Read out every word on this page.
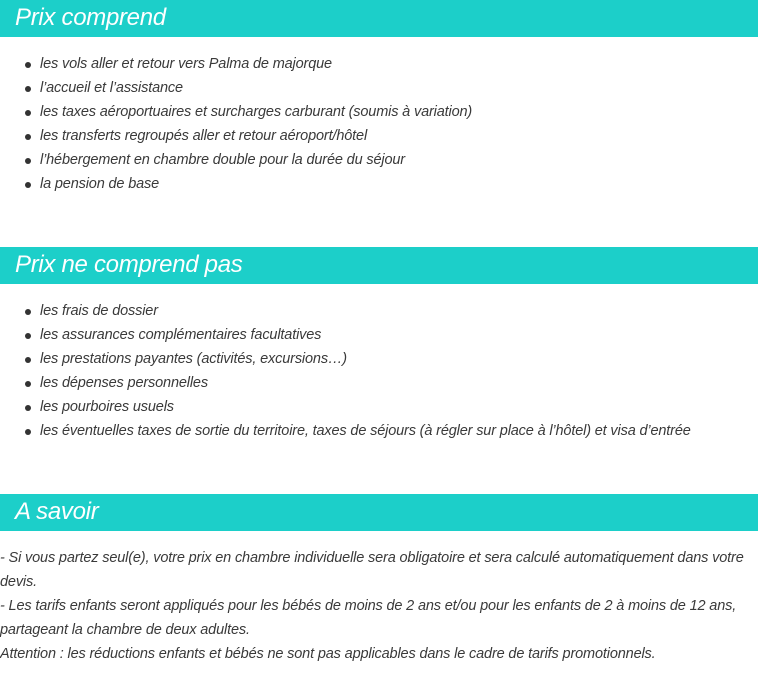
Prix comprend
les vols aller et retour vers Palma de majorque
l’accueil et l’assistance
les taxes aéroportuaires et surcharges carburant (soumis à variation)
les transferts regroupés aller et retour aéroport/hôtel
l’hébergement en chambre double pour la durée du séjour
la pension de base
Prix ne comprend pas
les frais de dossier
les assurances complémentaires facultatives
les prestations payantes (activités, excursions…)
les dépenses personnelles
les pourboires usuels
les éventuelles taxes de sortie du territoire, taxes de séjours (à régler sur place à l’hôtel) et visa d’entrée
A savoir

- Si vous partez seul(e), votre prix en chambre individuelle sera obligatoire et sera calculé automatiquement dans votre devis.

- Les tarifs enfants seront appliqués pour les bébés de moins de 2 ans et/ou pour les enfants de 2 à moins de 12 ans, partageant la chambre de deux adultes.

Attention : les réductions enfants et bébés ne sont pas applicables dans le cadre de tarifs promotionnels.
